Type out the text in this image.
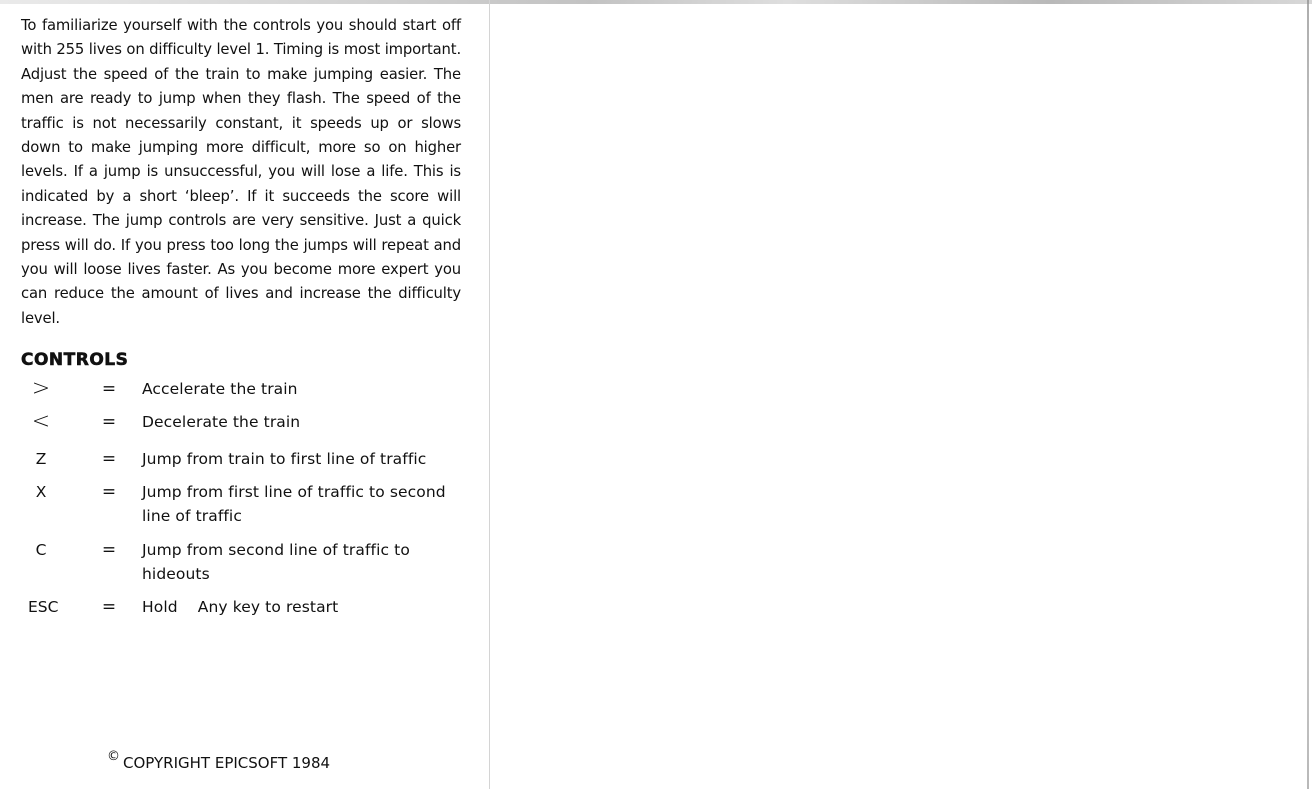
To familiarize yourself with the controls you should start off with 255 lives on difficulty level 1. Timing is most important. Adjust the speed of the train to make jumping easier. The men are ready to jump when they flash. The speed of the traffic is not necessarily constant, it speeds up or slows down to make jumping more difficult, more so on higher levels. If a jump is unsuccessful, you will lose a life. This is indicated by a short ‘bleep’. If it succeeds the score will increase. The jump controls are very sensitive. Just a quick press will do. If you press too long the jumps will repeat and you will loose lives faster. As you become more expert you can reduce the amount of lives and increase the difficulty level.

CONTROLS
>	= Accelerate the train
<	= Decelerate the train
Z	= Jump from train to first line of traffic
X	= Jump from first line of traffic to second line of traffic
C	= Jump from second line of traffic to hideouts
ESC	= Hold    Any key to restart
© COPYRIGHT EPICSOFT 1984
